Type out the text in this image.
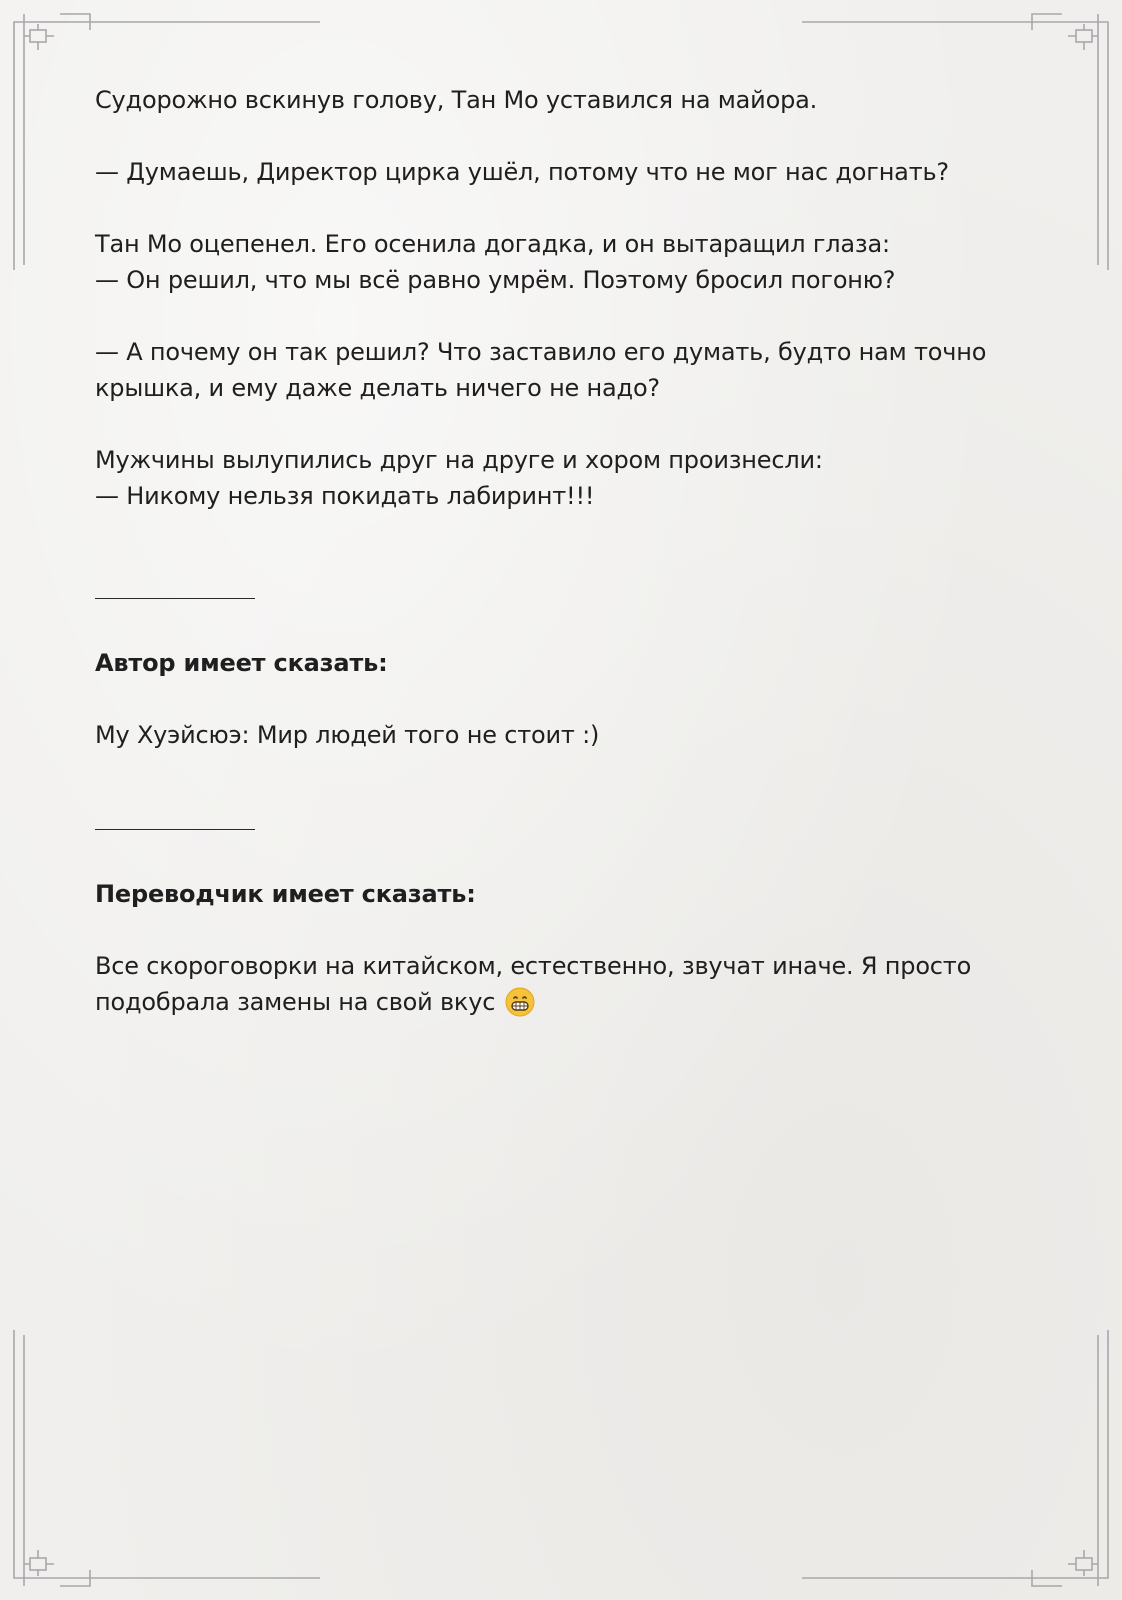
Судорожно вскинув голову, Тан Мо уставился на майора.

— Думаешь, Директор цирка ушёл, потому что не мог нас догнать?

Тан Мо оцепенел. Его осенила догадка, и он вытаращил глаза:
— Он решил, что мы всё равно умрём. Поэтому бросил погоню?

— А почему он так решил? Что заставило его думать, будто нам точно
крышка, и ему даже делать ничего не надо?

Мужчины вылупились друг на друге и хором произнесли:
— Никому нельзя покидать лабиринт!!!

Автор имеет сказать:

Му Хуэйсюэ: Мир людей того не стоит :)

Переводчик имеет сказать:

Все скороговорки на китайском, естественно, звучат иначе. Я просто
подобрала замены на свой вкус
